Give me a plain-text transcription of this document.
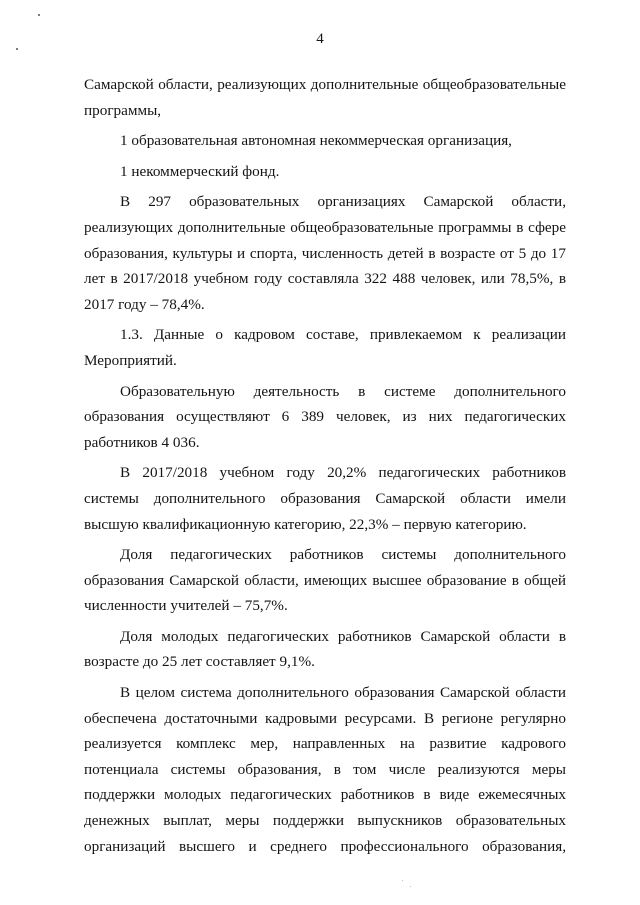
4

Самарской области, реализующих дополнительные общеобразовательные программы,

1 образовательная автономная некоммерческая организация,

1 некоммерческий фонд.

В 297 образовательных организациях Самарской области, реализующих дополнительные общеобразовательные программы в сфере образования, культуры и спорта, численность детей в возрасте от 5 до 17 лет в 2017/2018 учебном году составляла 322 488 человек, или 78,5%, в 2017 году – 78,4%.

1.3. Данные о кадровом составе, привлекаемом к реализации Мероприятий.

Образовательную деятельность в системе дополнительного образования осуществляют 6 389 человек, из них педагогических работников 4 036.

В 2017/2018 учебном году 20,2% педагогических работников системы дополнительного образования Самарской области имели высшую квалификационную категорию, 22,3% – первую категорию.

Доля педагогических работников системы дополнительного образования Самарской области, имеющих высшее образование в общей численности учителей – 75,7%.

Доля молодых педагогических работников Самарской области в возрасте до 25 лет составляет 9,1%.

В целом система дополнительного образования Самарской области обеспечена достаточными кадровыми ресурсами. В регионе регулярно реализуется комплекс мер, направленных на развитие кадрового потенциала системы образования, в том числе реализуются меры поддержки молодых педагогических работников в виде ежемесячных денежных выплат, меры поддержки выпускников образовательных организаций высшего и среднего профессионального образования,
